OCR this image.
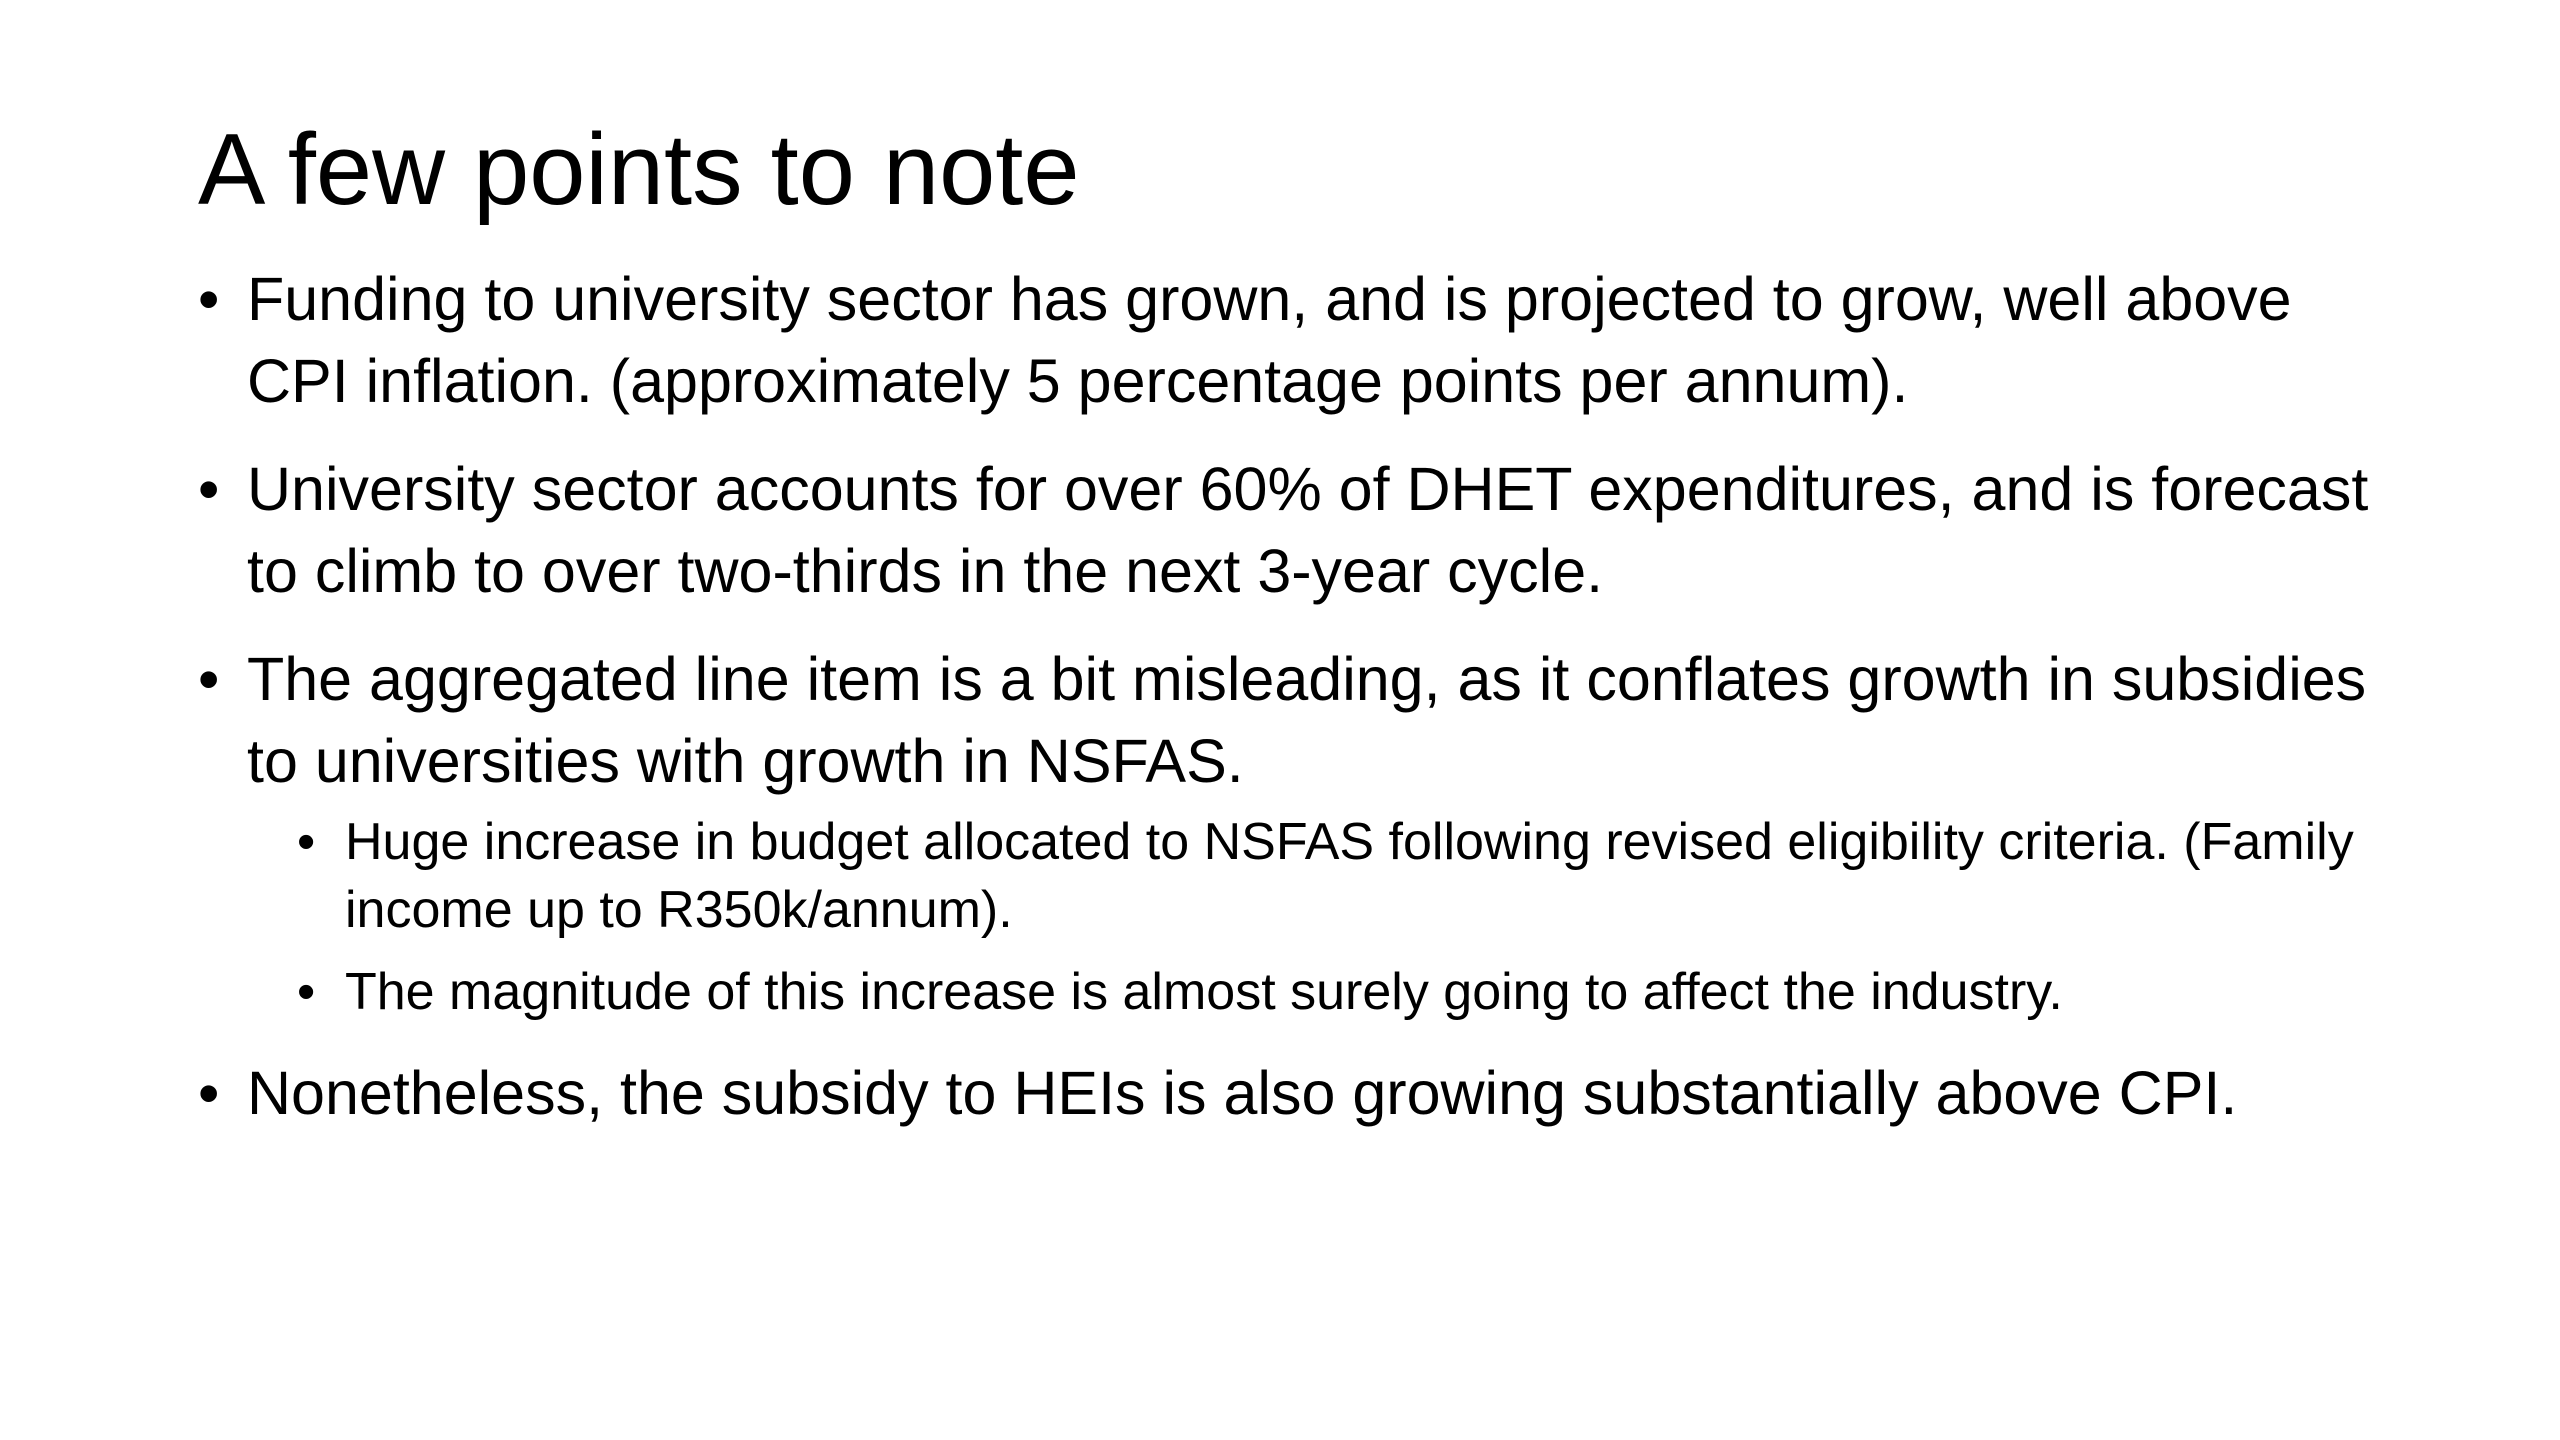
A few points to note
• Funding to university sector has grown, and is projected to grow, well above CPI inflation. (approximately 5 percentage points per annum).
• University sector accounts for over 60% of DHET expenditures, and is forecast to climb to over two-thirds in the next 3-year cycle.
• The aggregated line item is a bit misleading, as it conflates growth in subsidies to universities with growth in NSFAS.
• Huge increase in budget allocated to NSFAS following revised eligibility criteria. (Family income up to R350k/annum).
• The magnitude of this increase is almost surely going to affect the industry.
• Nonetheless, the subsidy to HEIs is also growing substantially above CPI.
